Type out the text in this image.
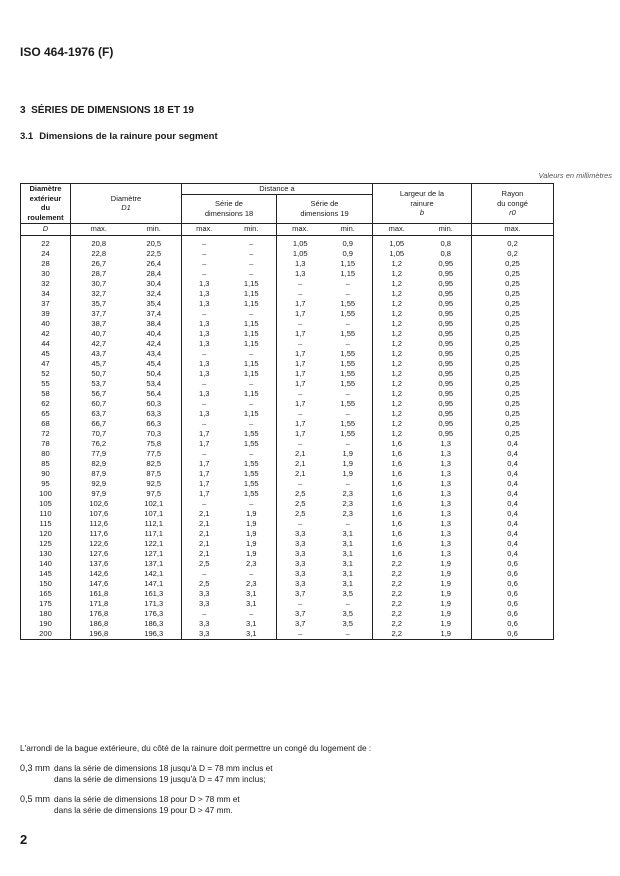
ISO 464-1976 (F)
3 SÉRIES DE DIMENSIONS 18 ET 19
3.1 Dimensions de la rainure pour segment
Valeurs en millimètres
Diamètre
extérieur
du
roulement	Diamètre
D1		Distance a				Largeur de la
rainure
b		Rayon
du congé
r0
			Série de
dimensions 18		Série de
dimensions 19				
D	max.	min.	max.	min.	max.	min.	max.	min.	max.
22	20,8	20,5	–	–	1,05	0,9	1,05	0,8	0,2
24	22,8	22,5	–	–	1,05	0,9	1,05	0,8	0,2
28	26,7	26,4	–	–	1,3	1,15	1,2	0,95	0,25
30	28,7	28,4	–	–	1,3	1,15	1,2	0,95	0,25
32	30,7	30,4	1,3	1,15	–	–	1,2	0,95	0,25
34	32,7	32,4	1,3	1,15	–	–	1,2	0,95	0,25
37	35,7	35,4	1,3	1,15	1,7	1,55	1,2	0,95	0,25
39	37,7	37,4	–	–	1,7	1,55	1,2	0,95	0,25
40	38,7	38,4	1,3	1,15	–	–	1,2	0,95	0,25
42	40,7	40,4	1,3	1,15	1,7	1,55	1,2	0,95	0,25
44	42,7	42,4	1,3	1,15	–	–	1,2	0,95	0,25
45	43,7	43,4	–	–	1,7	1,55	1,2	0,95	0,25
47	45,7	45,4	1,3	1,15	1,7	1,55	1,2	0,95	0,25
52	50,7	50,4	1,3	1,15	1,7	1,55	1,2	0,95	0,25
55	53,7	53,4	–	–	1,7	1,55	1,2	0,95	0,25
58	56,7	56,4	1,3	1,15	–	–	1,2	0,95	0,25
62	60,7	60,3	–	–	1,7	1,55	1,2	0,95	0,25
65	63,7	63,3	1,3	1,15	–	–	1,2	0,95	0,25
68	66,7	66,3	–	–	1,7	1,55	1,2	0,95	0,25
72	70,7	70,3	1,7	1,55	1,7	1,55	1,2	0,95	0,25
78	76,2	75,8	1,7	1,55	–	–	1,6	1,3	0,4
80	77,9	77,5	–	–	2,1	1,9	1,6	1,3	0,4
85	82,9	82,5	1,7	1,55	2,1	1,9	1,6	1,3	0,4
90	87,9	87,5	1,7	1,55	2,1	1,9	1,6	1,3	0,4
95	92,9	92,5	1,7	1,55	–	–	1,6	1,3	0,4
100	97,9	97,5	1,7	1,55	2,5	2,3	1,6	1,3	0,4
105	102,6	102,1	–	–	2,5	2,3	1,6	1,3	0,4
110	107,6	107,1	2,1	1,9	2,5	2,3	1,6	1,3	0,4
115	112,6	112,1	2,1	1,9	–	–	1,6	1,3	0,4
120	117,6	117,1	2,1	1,9	3,3	3,1	1,6	1,3	0,4
125	122,6	122,1	2,1	1,9	3,3	3,1	1,6	1,3	0,4
130	127,6	127,1	2,1	1,9	3,3	3,1	1,6	1,3	0,4
140	137,6	137,1	2,5	2,3	3,3	3,1	2,2	1,9	0,6
145	142,6	142,1	–	–	3,3	3,1	2,2	1,9	0,6
150	147,6	147,1	2,5	2,3	3,3	3,1	2,2	1,9	0,6
165	161,8	161,3	3,3	3,1	3,7	3,5	2,2	1,9	0,6
175	171,8	171,3	3,3	3,1	–	–	2,2	1,9	0,6
180	176,8	176,3	–	–	3,7	3,5	2,2	1,9	0,6
190	186,8	186,3	3,3	3,1	3,7	3,5	2,2	1,9	0,6
200	196,8	196,3	3,3	3,1	–	–	2,2	1,9	0,6
L'arrondi de la bague extérieure, du côté de la rainure doit permettre un congé du logement de :
0,3 mm dans la série de dimensions 18 jusqu'à D = 78 mm inclus et
dans la série de dimensions 19 jusqu'à D = 47 mm inclus;
0,5 mm dans la série de dimensions 18 pour D > 78 mm et
dans la série de dimensions 19 pour D > 47 mm.
2
